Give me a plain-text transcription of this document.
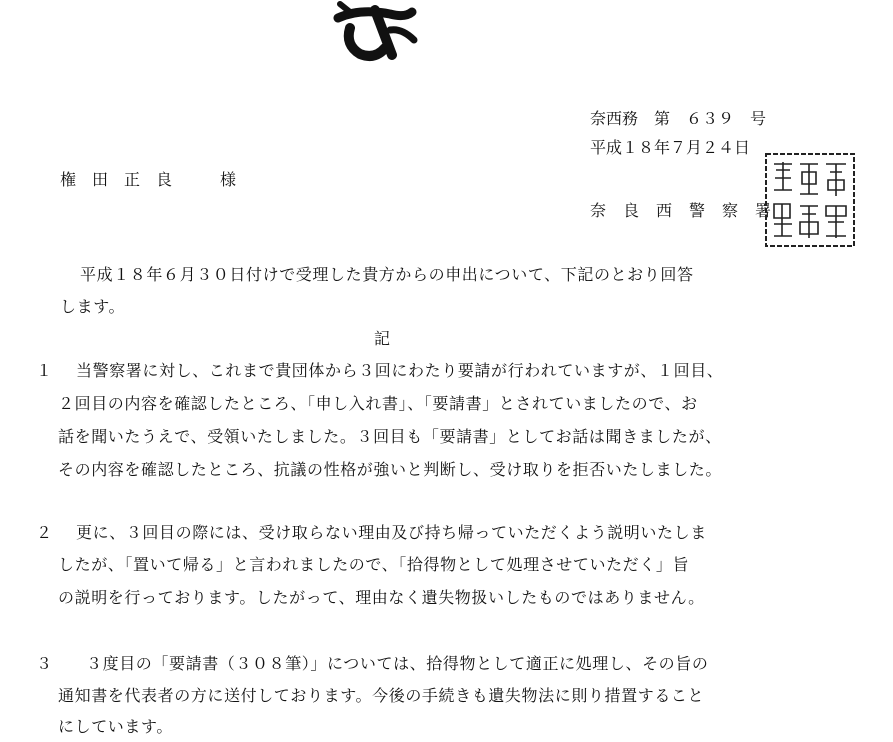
奈西務　第　６３９　号
平成１８年７月２４日
権　田　正　良　　　様
奈　良　西　警　察　署
平成１８年６月３０日付けで受理した貴方からの申出について、下記のとおり回答
します。
記
１ 当警察署に対し、これまで貴団体から３回にわたり要請が行われていますが、１回目、
２回目の内容を確認したところ、「申し入れ書」、「要請書」とされていましたので、お
話を聞いたうえで、受領いたしました。３回目も「要請書」としてお話は聞きましたが、
その内容を確認したところ、抗議の性格が強いと判断し、受け取りを拒否いたしました。
２ 更に、３回目の際には、受け取らない理由及び持ち帰っていただくよう説明いたしま
したが、「置いて帰る」と言われましたので、「拾得物として処理させていただく」旨
の説明を行っております。したがって、理由なく遺失物扱いしたものではありません。
３ ３度目の「要請書（３０８筆）」については、拾得物として適正に処理し、その旨の
通知書を代表者の方に送付しております。今後の手続きも遺失物法に則り措置すること
にしています。
